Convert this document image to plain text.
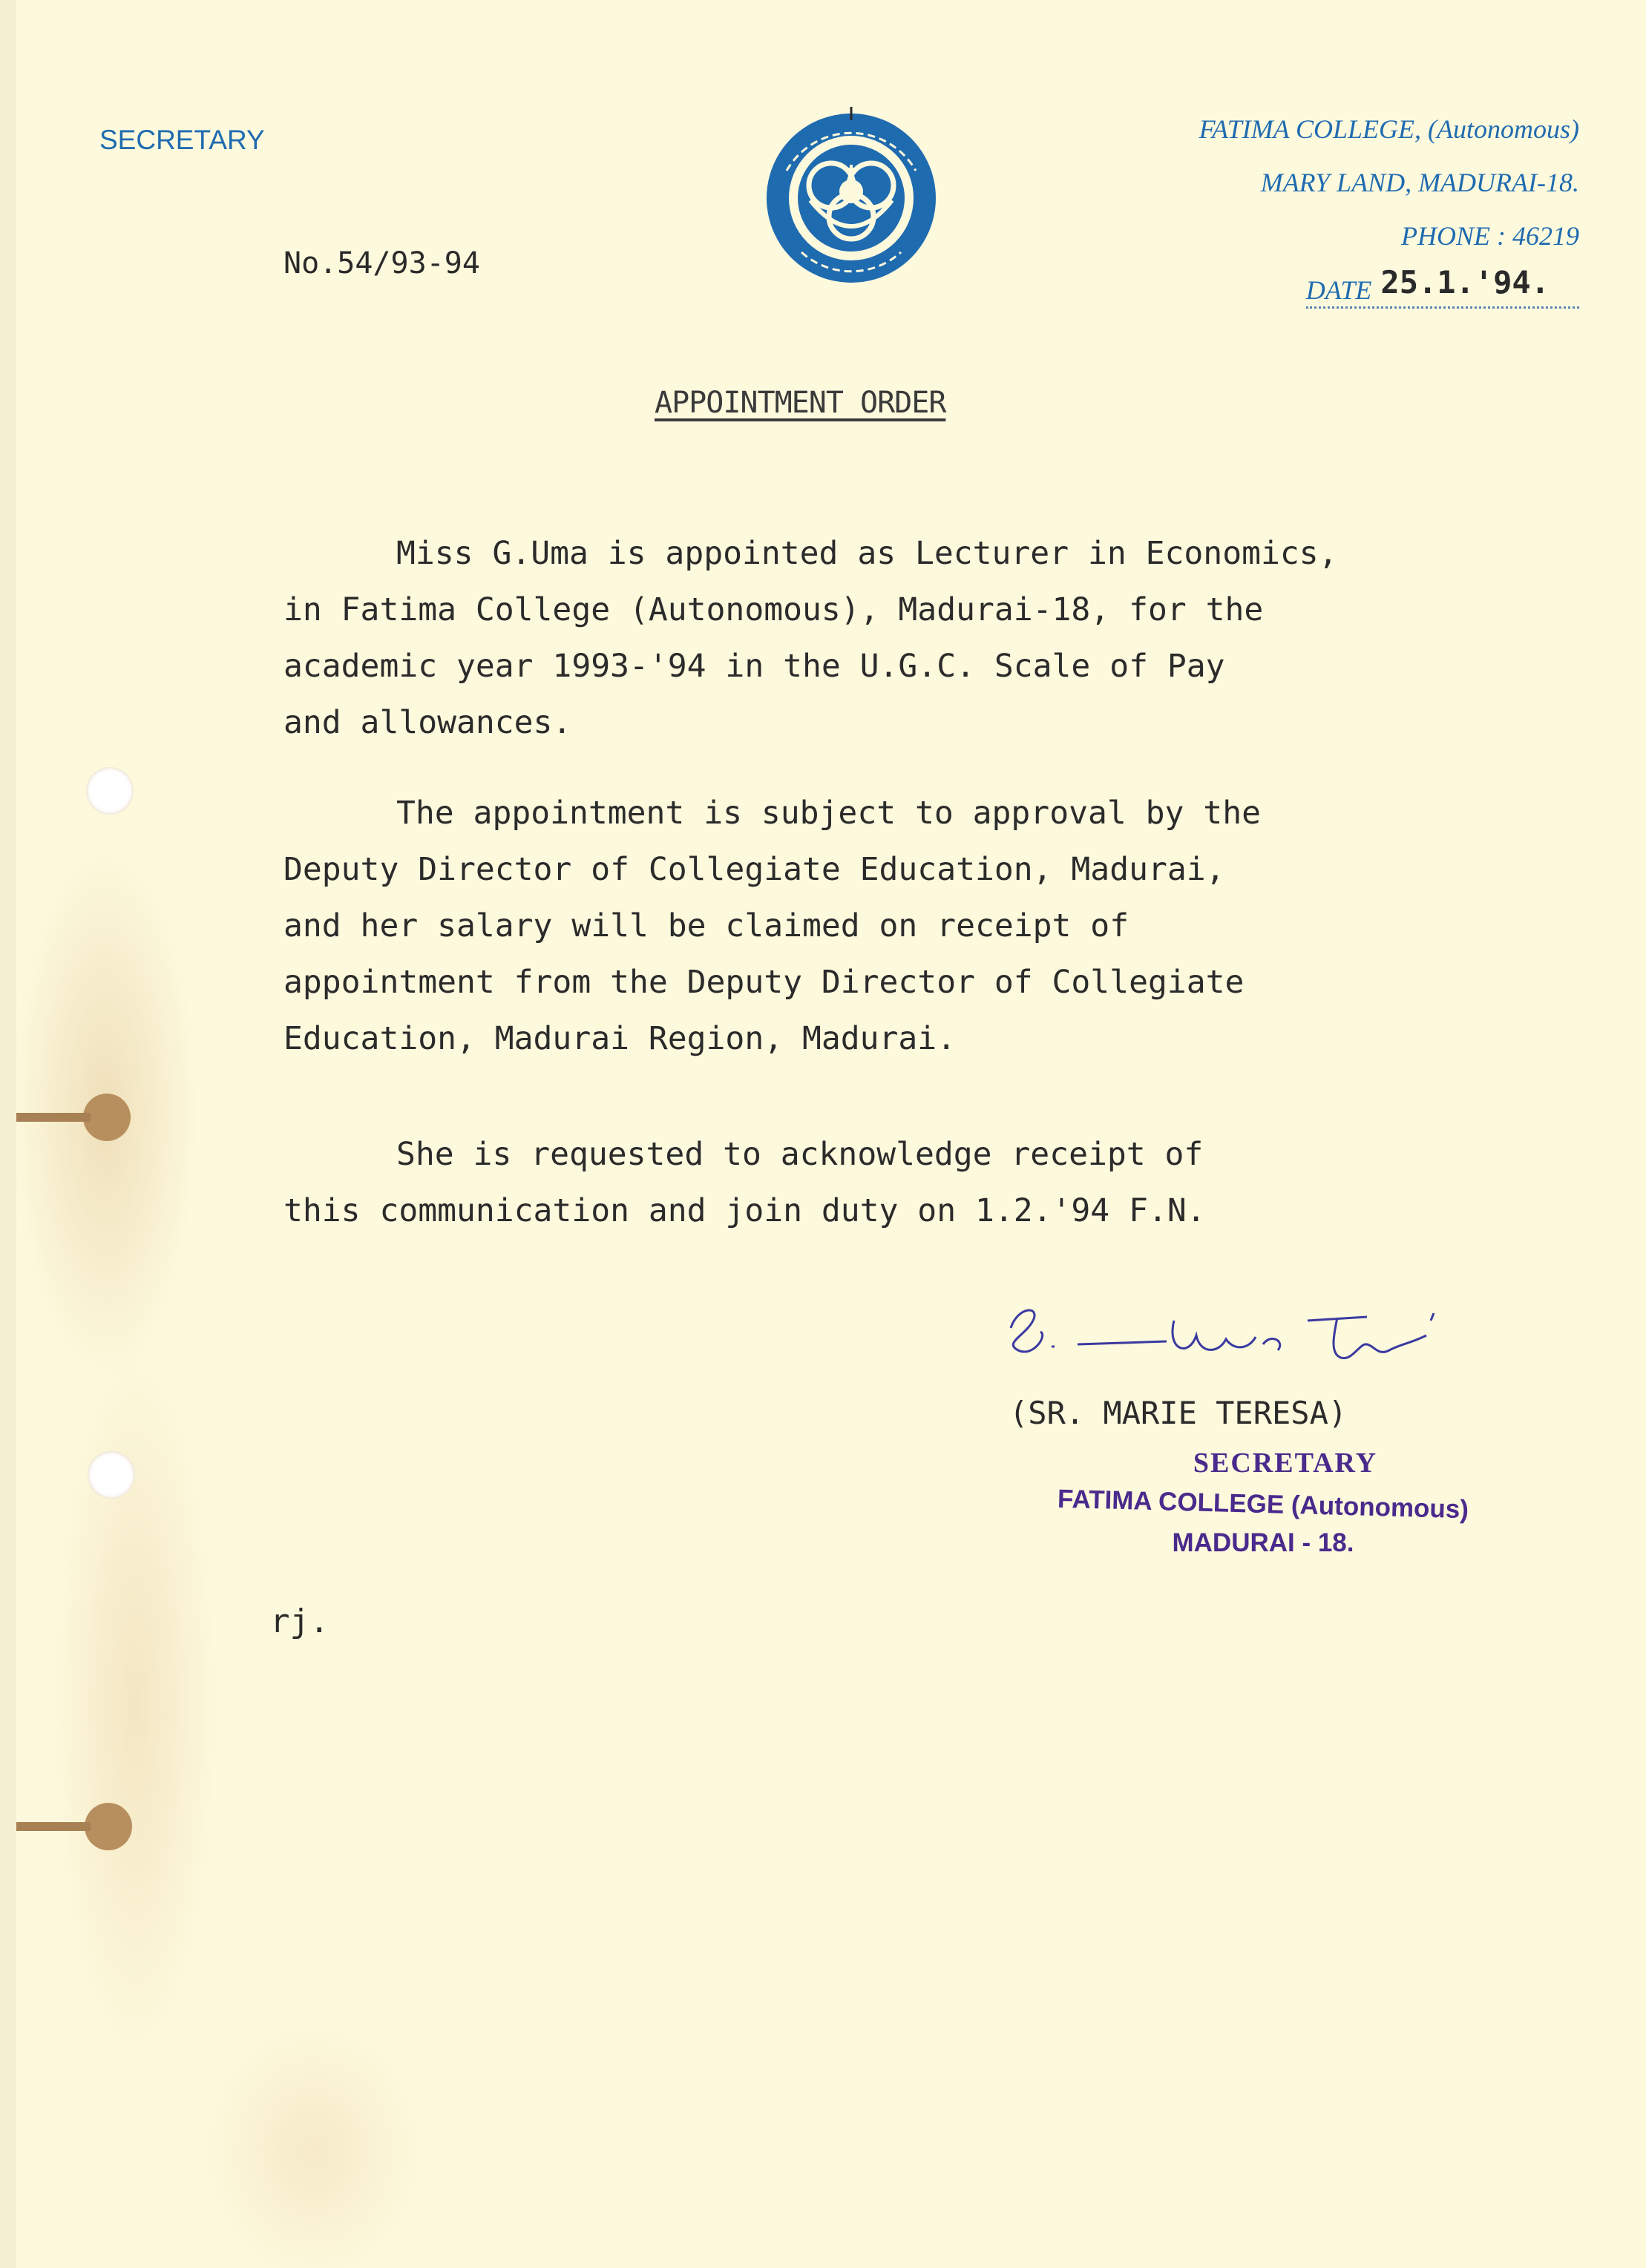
SECRETARY	FATIMA COLLEGE, (Autonomous)
MARY LAND, MADURAI-18.
PHONE : 46219
No.54/93-94
DATE 25.1.'94.
APPOINTMENT ORDER
Miss G.Uma is appointed as Lecturer in Economics,
in Fatima College (Autonomous), Madurai-18, for the
academic year 1993-'94 in the U.G.C. Scale of Pay
and allowances.
The appointment is subject to approval by the
Deputy Director of Collegiate Education, Madurai,
and her salary will be claimed on receipt of
appointment from the Deputy Director of Collegiate
Education, Madurai Region, Madurai.
She is requested to acknowledge receipt of
this communication and join duty on 1.2.'94 F.N.
(SR. MARIE TERESA)
SECRETARY
FATIMA COLLEGE (Autonomous)
MADURAI - 18.
rj.
